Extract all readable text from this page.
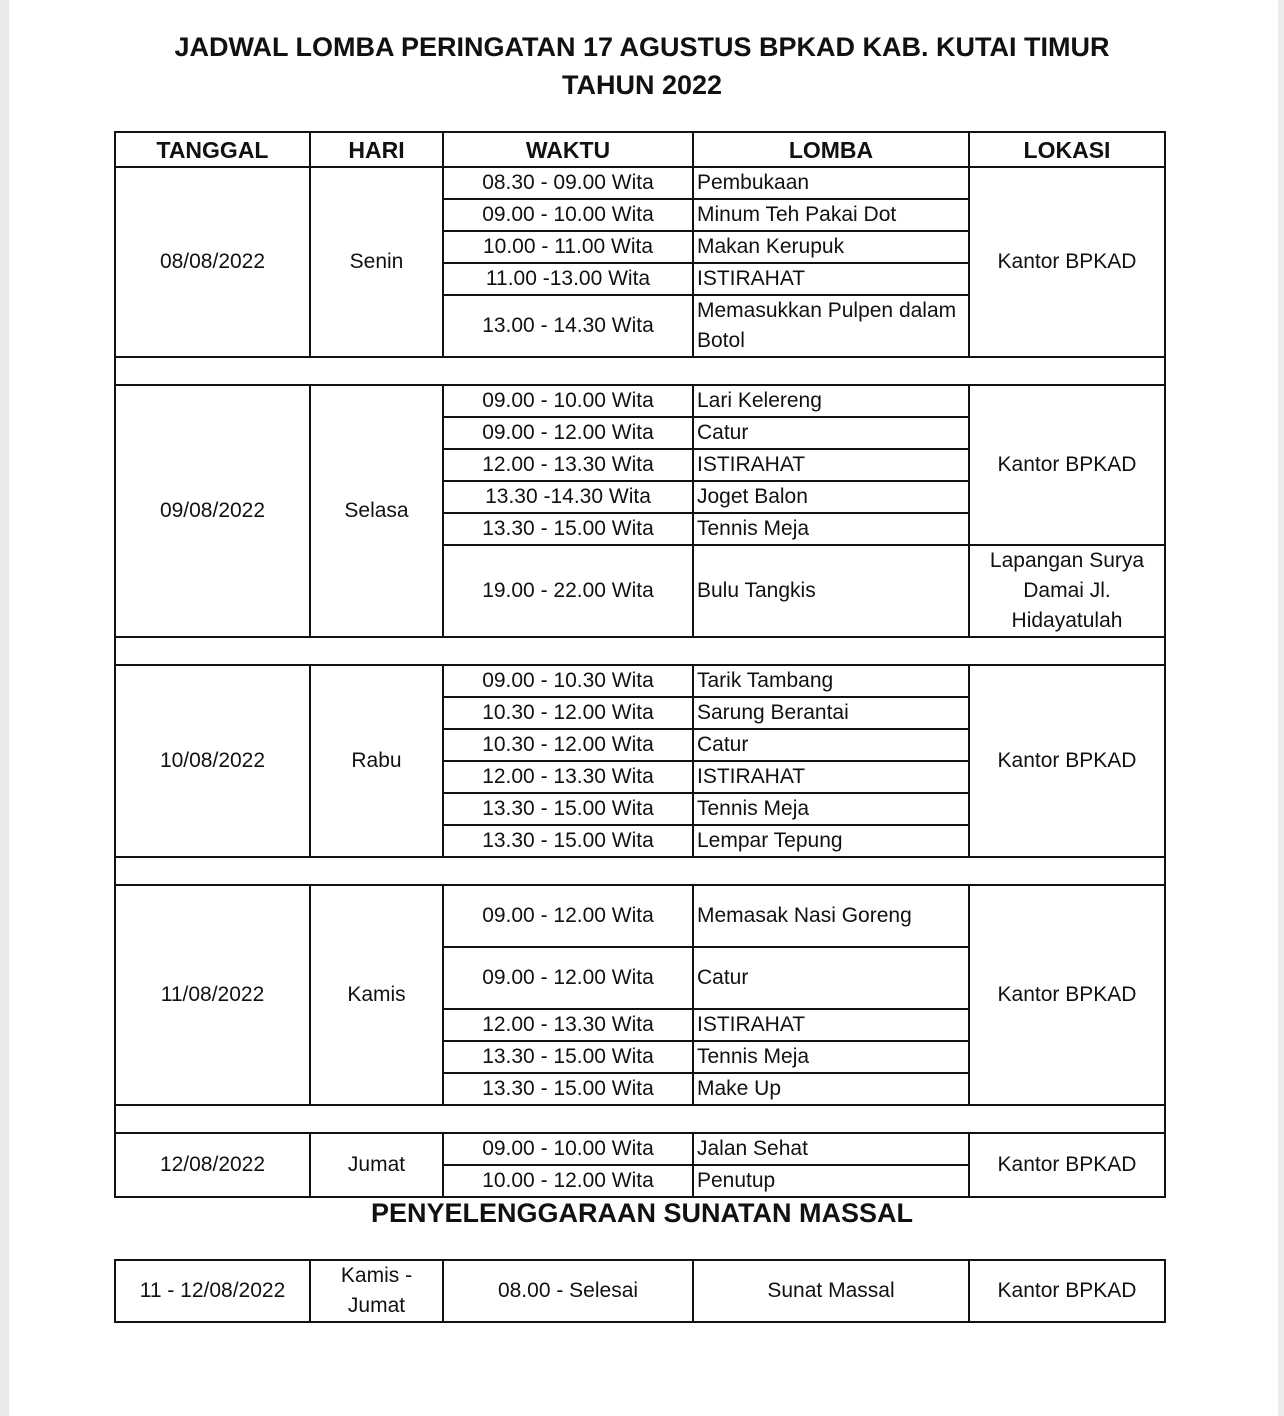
JADWAL LOMBA PERINGATAN 17 AGUSTUS BPKAD KAB. KUTAI TIMUR
TAHUN 2022
TANGGAL	HARI	WAKTU	LOMBA	LOKASI
08/08/2022	Senin	08.30 - 09.00 Wita	Pembukaan	Kantor BPKAD
		09.00 - 10.00 Wita	Minum Teh Pakai Dot	
		10.00 - 11.00 Wita	Makan Kerupuk	
		11.00 -13.00 Wita	ISTIRAHAT	
		13.00 - 14.30 Wita	Memasukkan Pulpen dalam Botol	

09/08/2022	Selasa	09.00 - 10.00 Wita	Lari Kelereng	Kantor BPKAD
		09.00 - 12.00 Wita	Catur	
		12.00 - 13.30 Wita	ISTIRAHAT	
		13.30 -14.30 Wita	Joget Balon	
		13.30 - 15.00 Wita	Tennis Meja	
		19.00 - 22.00 Wita	Bulu Tangkis	Lapangan Surya Damai Jl. Hidayatulah

10/08/2022	Rabu	09.00 - 10.30 Wita	Tarik Tambang	Kantor BPKAD
		10.30 - 12.00 Wita	Sarung Berantai	
		10.30 - 12.00 Wita	Catur	
		12.00 - 13.30 Wita	ISTIRAHAT	
		13.30 - 15.00 Wita	Tennis Meja	
		13.30 - 15.00 Wita	Lempar Tepung	

11/08/2022	Kamis	09.00 - 12.00 Wita	Memasak Nasi Goreng	Kantor BPKAD
		09.00 - 12.00 Wita	Catur	
		12.00 - 13.30 Wita	ISTIRAHAT	
		13.30 - 15.00 Wita	Tennis Meja	
		13.30 - 15.00 Wita	Make Up	

12/08/2022	Jumat	09.00 - 10.00 Wita	Jalan Sehat	Kantor BPKAD
		10.00 - 12.00 Wita	Penutup	
PENYELENGGARAAN SUNATAN MASSAL
11 - 12/08/2022	Kamis - Jumat	08.00 - Selesai	Sunat Massal	Kantor BPKAD
